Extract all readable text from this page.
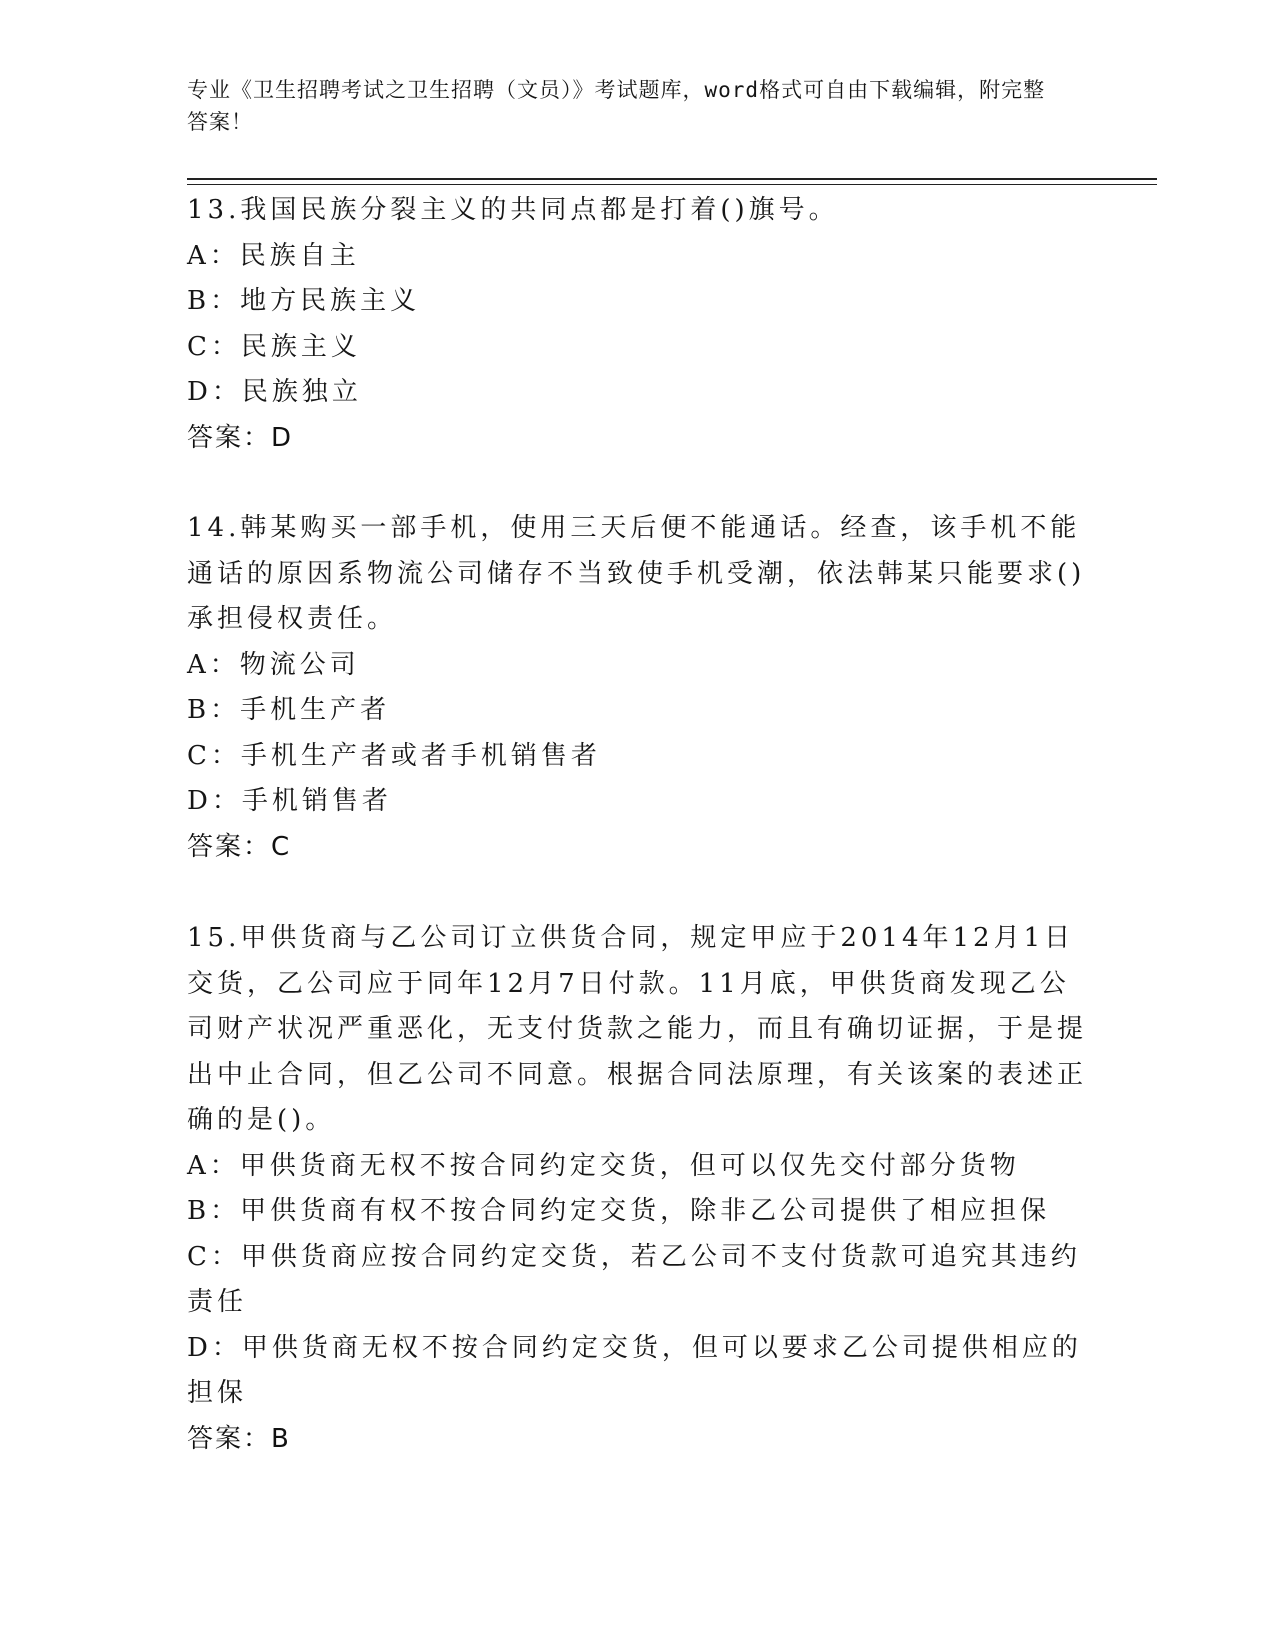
专业《卫生招聘考试之卫生招聘（文员）》考试题库，word格式可自由下载编辑，附完整答案！

13.我国民族分裂主义的共同点都是打着()旗号。

A：民族自主
B：地方民族主义
C：民族主义
D：民族独立
答案：D

14.韩某购买一部手机，使用三天后便不能通话。经查，该手机不能通话的原因系物流公司储存不当致使手机受潮，依法韩某只能要求()承担侵权责任。

A：物流公司
B：手机生产者
C：手机生产者或者手机销售者
D：手机销售者
答案：C

15.甲供货商与乙公司订立供货合同，规定甲应于2014年12月1日交货，乙公司应于同年12月7日付款。11月底，甲供货商发现乙公司财产状况严重恶化，无支付货款之能力，而且有确切证据，于是提出中止合同，但乙公司不同意。根据合同法原理，有关该案的表述正确的是()。

A：甲供货商无权不按合同约定交货，但可以仅先交付部分货物
B：甲供货商有权不按合同约定交货，除非乙公司提供了相应担保
C：甲供货商应按合同约定交货，若乙公司不支付货款可追究其违约责任
D：甲供货商无权不按合同约定交货，但可以要求乙公司提供相应的担保
答案：B
